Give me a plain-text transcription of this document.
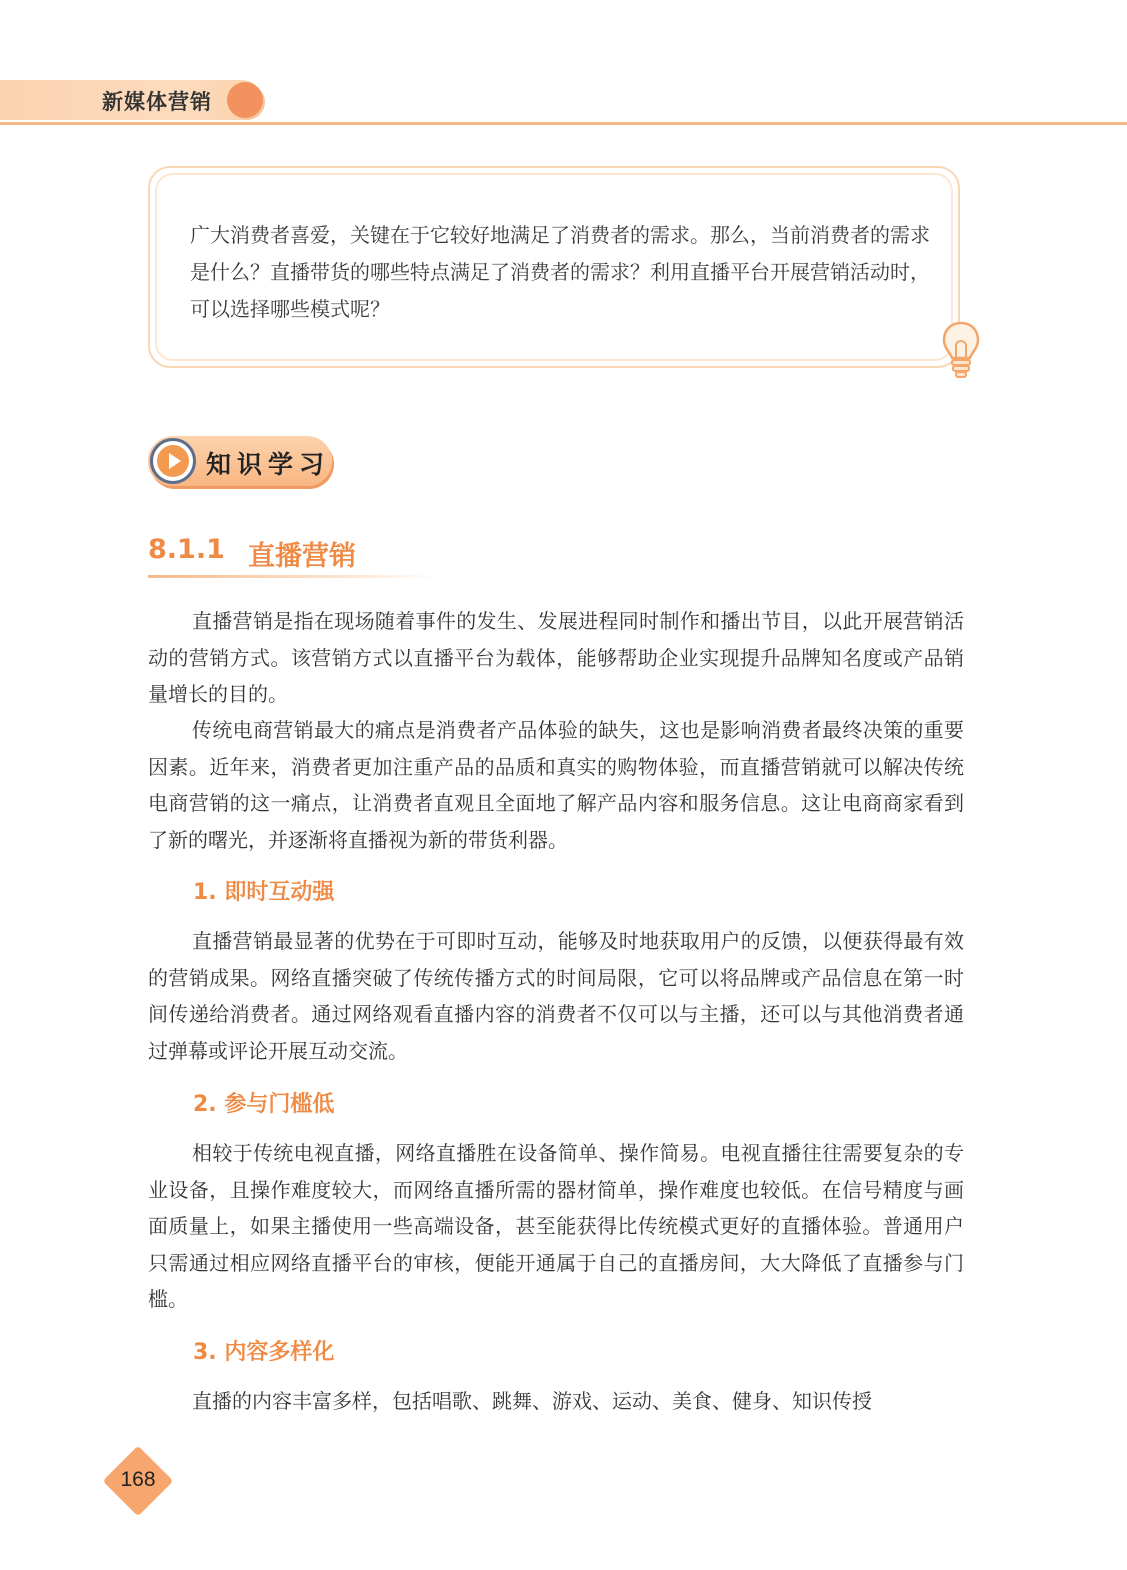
新媒体营销
广大消费者喜爱，关键在于它较好地满足了消费者的需求。那么，当前消费者的需求是什么？直播带货的哪些特点满足了消费者的需求？利用直播平台开展营销活动时，可以选择哪些模式呢？
知识学习
8.1.1 直播营销
直播营销是指在现场随着事件的发生、发展进程同时制作和播出节目，以此开展营销活动的营销方式。该营销方式以直播平台为载体，能够帮助企业实现提升品牌知名度或产品销量增长的目的。
传统电商营销最大的痛点是消费者产品体验的缺失，这也是影响消费者最终决策的重要因素。近年来，消费者更加注重产品的品质和真实的购物体验，而直播营销就可以解决传统电商营销的这一痛点，让消费者直观且全面地了解产品内容和服务信息。这让电商商家看到了新的曙光，并逐渐将直播视为新的带货利器。
1. 即时互动强
直播营销最显著的优势在于可即时互动，能够及时地获取用户的反馈，以便获得最有效的营销成果。网络直播突破了传统传播方式的时间局限，它可以将品牌或产品信息在第一时间传递给消费者。通过网络观看直播内容的消费者不仅可以与主播，还可以与其他消费者通过弹幕或评论开展互动交流。
2. 参与门槛低
相较于传统电视直播，网络直播胜在设备简单、操作简易。电视直播往往需要复杂的专业设备，且操作难度较大，而网络直播所需的器材简单，操作难度也较低。在信号精度与画面质量上，如果主播使用一些高端设备，甚至能获得比传统模式更好的直播体验。普通用户只需通过相应网络直播平台的审核，便能开通属于自己的直播房间，大大降低了直播参与门槛。
3. 内容多样化
直播的内容丰富多样，包括唱歌、跳舞、游戏、运动、美食、健身、知识传授
168
